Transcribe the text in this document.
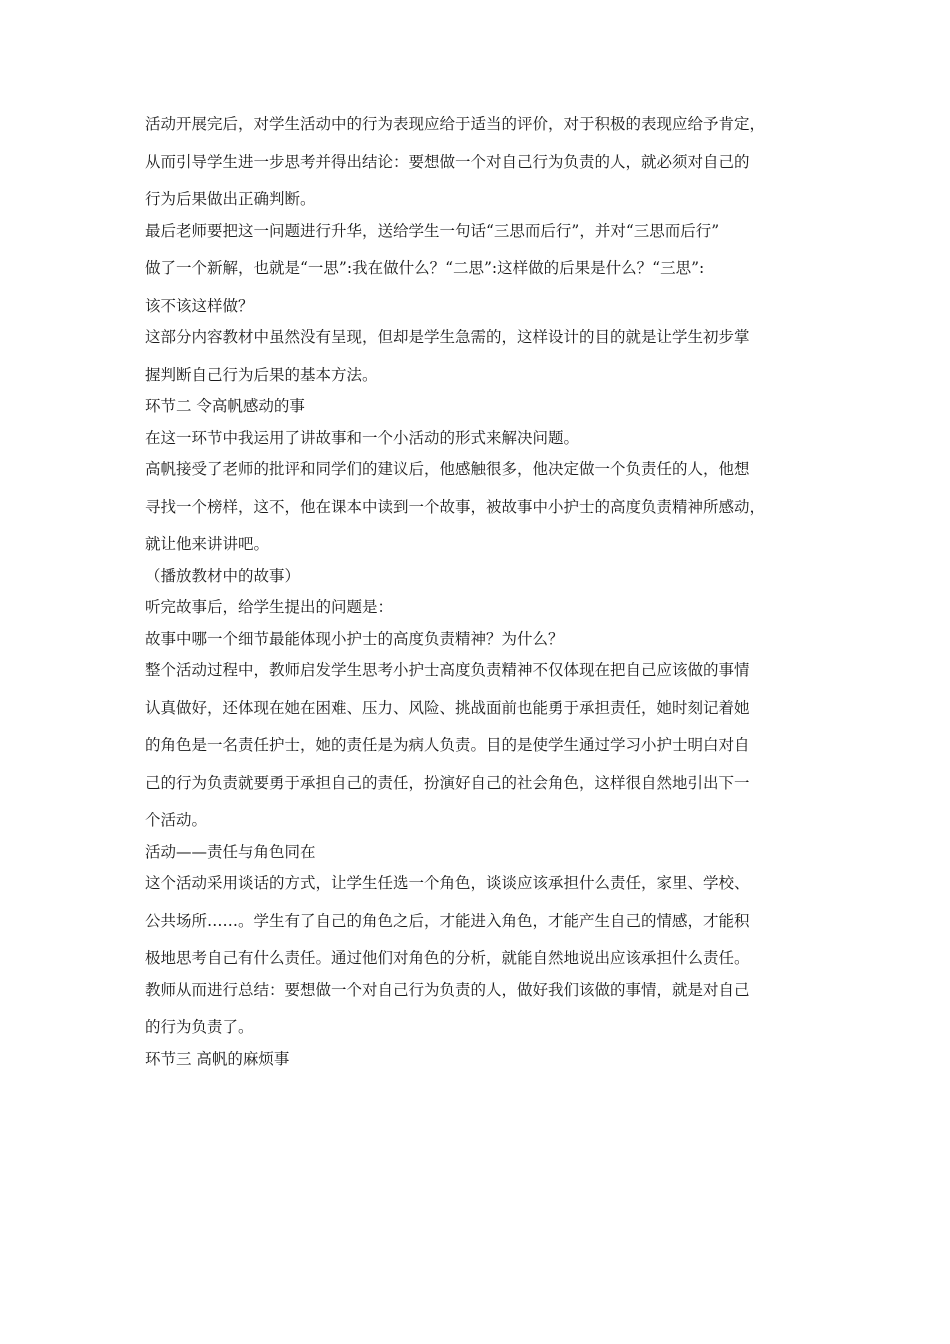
活动开展完后，对学生活动中的行为表现应给于适当的评价，对于积极的表现应给予肯定，
从而引导学生进一步思考并得出结论：要想做一个对自己行为负责的人，就必须对自己的
行为后果做出正确判断。
最后老师要把这一问题进行升华，送给学生一句话“三思而后行”，并对“三思而后行”
做了一个新解，也就是“一思”:我在做什么？“二思”:这样做的后果是什么？“三思”:
该不该这样做？
这部分内容教材中虽然没有呈现，但却是学生急需的，这样设计的目的就是让学生初步掌
握判断自己行为后果的基本方法。
环节二 令高帆感动的事
在这一环节中我运用了讲故事和一个小活动的形式来解决问题。
高帆接受了老师的批评和同学们的建议后，他感触很多，他决定做一个负责任的人，他想
寻找一个榜样，这不，他在课本中读到一个故事，被故事中小护士的高度负责精神所感动，
就让他来讲讲吧。
（播放教材中的故事）
听完故事后，给学生提出的问题是：
故事中哪一个细节最能体现小护士的高度负责精神？为什么？
整个活动过程中，教师启发学生思考小护士高度负责精神不仅体现在把自己应该做的事情
认真做好，还体现在她在困难、压力、风险、挑战面前也能勇于承担责任，她时刻记着她
的角色是一名责任护士，她的责任是为病人负责。目的是使学生通过学习小护士明白对自
己的行为负责就要勇于承担自己的责任，扮演好自己的社会角色，这样很自然地引出下一
个活动。
活动——责任与角色同在
这个活动采用谈话的方式，让学生任选一个角色，谈谈应该承担什么责任，家里、学校、
公共场所……。学生有了自己的角色之后，才能进入角色，才能产生自己的情感，才能积
极地思考自己有什么责任。通过他们对角色的分析，就能自然地说出应该承担什么责任。
教师从而进行总结：要想做一个对自己行为负责的人，做好我们该做的事情，就是对自己
的行为负责了。
环节三 高帆的麻烦事
